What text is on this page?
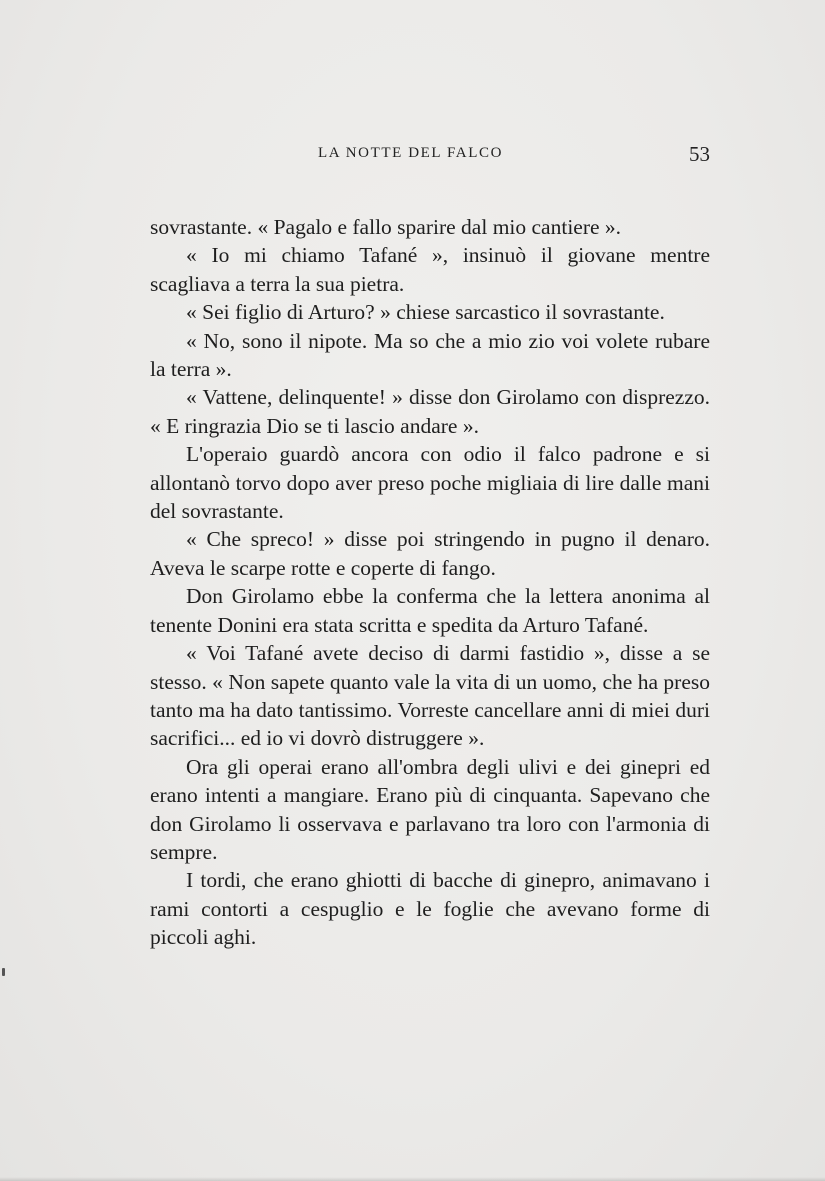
LA NOTTE DEL FALCO	53

sovrastante. « Pagalo e fallo sparire dal mio cantiere ».

« Io mi chiamo Tafané », insinuò il giovane mentre scagliava a terra la sua pietra.

« Sei figlio di Arturo? » chiese sarcastico il sovrastante.

« No, sono il nipote. Ma so che a mio zio voi volete rubare la terra ».

« Vattene, delinquente! » disse don Girolamo con disprezzo. « E ringrazia Dio se ti lascio andare ».

L'operaio guardò ancora con odio il falco padrone e si allontanò torvo dopo aver preso poche migliaia di lire dalle mani del sovrastante.

« Che spreco! » disse poi stringendo in pugno il denaro. Aveva le scarpe rotte e coperte di fango.

Don Girolamo ebbe la conferma che la lettera anonima al tenente Donini era stata scritta e spedita da Arturo Tafané.

« Voi Tafané avete deciso di darmi fastidio », disse a se stesso. « Non sapete quanto vale la vita di un uomo, che ha preso tanto ma ha dato tantissimo. Vorreste cancellare anni di miei duri sacrifici... ed io vi dovrò distruggere ».

Ora gli operai erano all'ombra degli ulivi e dei ginepri ed erano intenti a mangiare. Erano più di cinquanta. Sapevano che don Girolamo li osservava e parlavano tra loro con l'armonia di sempre.

I tordi, che erano ghiotti di bacche di ginepro, animavano i rami contorti a cespuglio e le foglie che avevano forme di piccoli aghi.
